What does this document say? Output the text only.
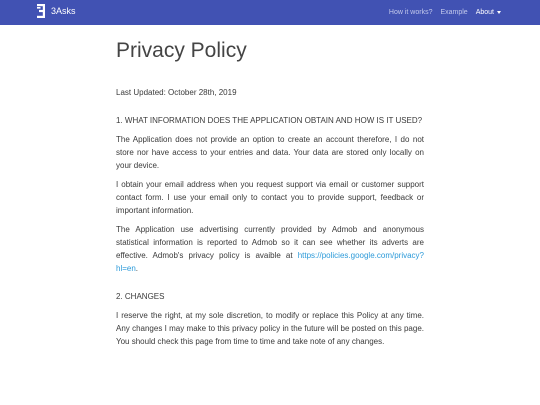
3Asks	How it works? Example About
Privacy Policy
Last Updated: October 28th, 2019
1. WHAT INFORMATION DOES THE APPLICATION OBTAIN AND HOW IS IT USED?
The Application does not provide an option to create an account therefore, I do not store nor have access to your entries and data. Your data are stored only locally on your device.
I obtain your email address when you request support via email or customer support contact form. I use your email only to contact you to provide support, feedback or important information.
The Application use advertising currently provided by Admob and anonymous statistical information is reported to Admob so it can see whether its adverts are effective. Admob's privacy policy is avaible at https://policies.google.com/privacy?hl=en.
2. CHANGES
I reserve the right, at my sole discretion, to modify or replace this Policy at any time. Any changes I may make to this privacy policy in the future will be posted on this page. You should check this page from time to time and take note of any changes.
